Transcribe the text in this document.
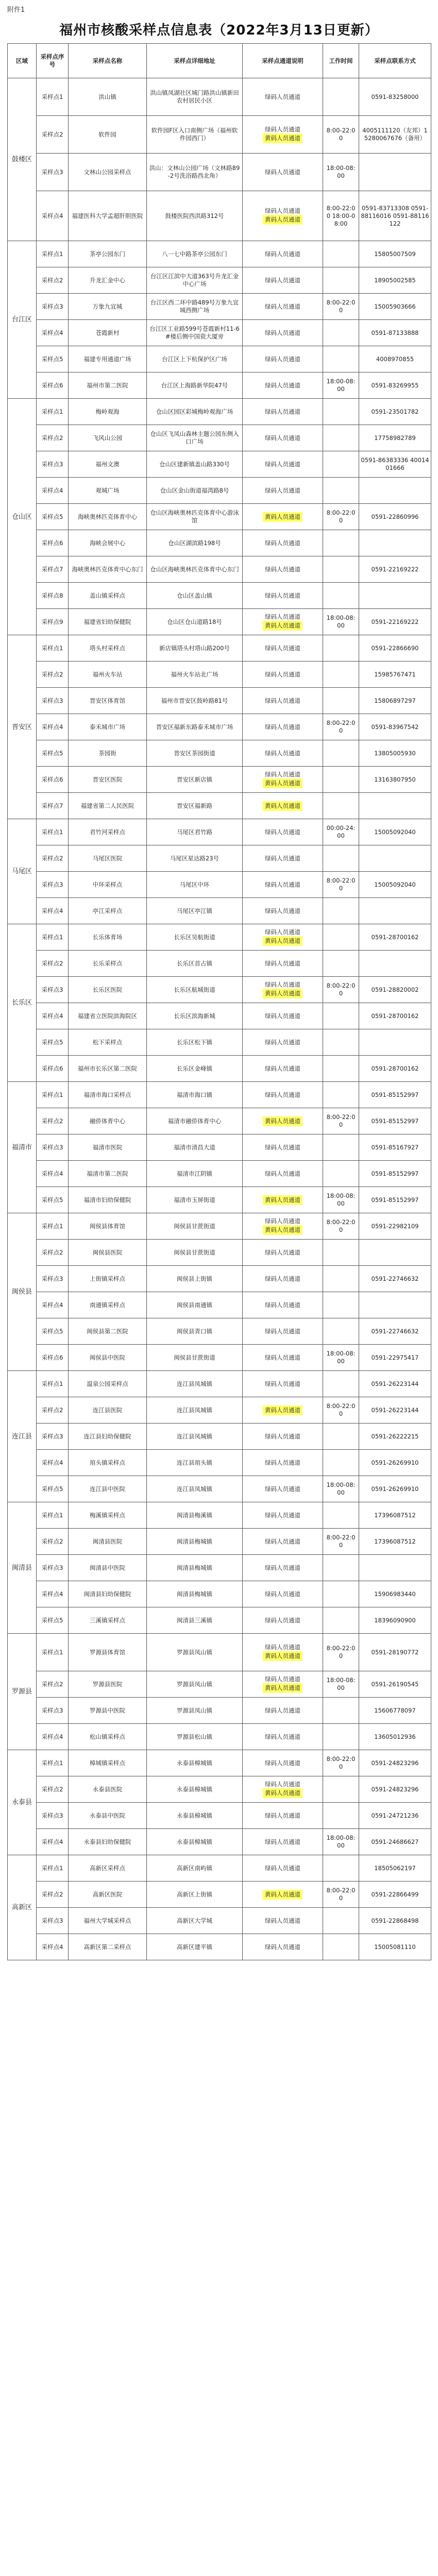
附件1
福州市核酸采样点信息表（2022年3月13日更新）
区域	采样点序号	采样点名称	采样点详细地址	采样点通道说明	工作时间	采样点联系方式
鼓楼区	采样点1	洪山镇	洪山镇凤湖社区城门路洪山镇新田农村居民小区	绿码人员通道		0591-83258000
	采样点2	软件园	软件园F区入口南侧广场（福州软件园西门）	绿码人员通道
黄码人员通道	8:00-22:00	4005111120（友邦）15280067676（备用）
	采样点3	文林山公园采样点	洪山：文林山公园广场（文林路89-2号洗浴路西北角）	绿码人员通道	18:00-08:00	
	采样点4	福建医科大学孟超肝胆医院	鼓楼医院西洪路312号	绿码人员通道
黄码人员通道	8:00-22:00 18:00-08:00	0591-83713308 0591-88116016 0591-88116122
台江区	采样点1	茶亭公园东门	八一七中路茶亭公园东门	绿码人员通道		15805007509
	采样点2	升龙汇金中心	台江区江滨中大道363号升龙汇金中心广场	绿码人员通道		18905002585
	采样点3	万象九宜城	台江区西二环中路489号万象九宜城西侧广场	绿码人员通道	8:00-22:00	15005903666
	采样点4	苍霞新村	台江区工业路599号苍霞新村11-6#楼后侧中国瓷大厦旁	绿码人员通道		0591-87133888
	采样点5	福建专用通道广场	台江区上下杭保护区广场	绿码人员通道		4008970855
	采样点6	福州市第二医院	台江区上海路新华院47号	绿码人员通道	18:00-08:00	0591-83269955
仓山区	采样点1	梅岭观海	仓山区园区彩城梅岭观海广场	绿码人员通道		0591-23501782
	采样点2	飞风山公园	仓山区飞凤山森林主题公园东侧入口广场	绿码人员通道		17758982789
	采样点3	福州文澳	仓山区建新镇盖山路330号	绿码人员通道		0591-86383336 4001401666
	采样点4	观城广场	仓山区金山街道福湾路8号	绿码人员通道		
	采样点5	海峡奥林匹克体育中心	仓山区海峡奥林匹克体育中心游泳馆	黄码人员通道	8:00-22:00	0591-22860996
	采样点6	海峡会展中心	仓山区湖滨路198号	绿码人员通道		
	采样点7	海峡奥林匹克体育中心东门	仓山区海峡奥林匹克体育中心东门	绿码人员通道		0591-22169222
	采样点8	盖山镇采样点	仓山区盖山镇	绿码人员通道		
	采样点9	福建省妇幼保健院	仓山区仓山道路18号	绿码人员通道
黄码人员通道	18:00-08:00	0591-22169222
晋安区	采样点1	塔头村采样点	新店镇塔头村塔山路200号	绿码人员通道		0591-22866690
	采样点2	福州火车站	福州火车站北广场	绿码人员通道		15985767471
	采样点3	晋安区体育馆	福州市晋安区鼓岭路81号	绿码人员通道		15806897297
	采样点4	泰禾城市广场	晋安区福新东路泰禾城市广场	绿码人员通道	8:00-22:00	0591-83967542
	采样点5	茶园街	晋安区茶园街道	绿码人员通道		13805005930
	采样点6	晋安区医院	晋安区新店镇	绿码人员通道
黄码人员通道		13163807950
	采样点7	福建省第二人民医院	晋安区福新路	黄码人员通道		
马尾区	采样点1	君竹河采样点	马尾区君竹路	绿码人员通道	00:00-24:00	15005092040
	采样点2	马尾区医院	马尾区星达路23号	绿码人员通道		
	采样点3	中环采样点	马尾区中环	绿码人员通道	8:00-22:00	15005092040
	采样点4	亭江采样点	马尾区亭江镇	绿码人员通道		
长乐区	采样点1	长乐体育场	长乐区吴航街道	绿码人员通道
黄码人员通道		0591-28700162
	采样点2	长乐采样点	长乐区首占镇	绿码人员通道		
	采样点3	长乐区医院	长乐区航城街道	绿码人员通道
黄码人员通道	8:00-22:00	0591-28820002
	采样点4	福建省立医院滨海院区	长乐区滨海新城	绿码人员通道		0591-28700162
	采样点5	松下采样点	长乐区松下镇	绿码人员通道		
	采样点6	福州市长乐区第二医院	长乐区金峰镇	绿码人员通道		0591-28700162
福清市	采样点1	福清市海口采样点	福清市海口镇	绿码人员通道		0591-85152997
	采样点2	融侨体育中心	福清市融侨体育中心	黄码人员通道	8:00-22:00	0591-85152997
	采样点3	福清市医院	福清市清昌大道	绿码人员通道		0591-85167927
	采样点4	福清市第二医院	福清市江阴镇	绿码人员通道		0591-85152997
	采样点5	福清市妇幼保健院	福清市玉屏街道	黄码人员通道	18:00-08:00	0591-85152997
闽侯县	采样点1	闽侯县体育馆	闽侯县甘蔗街道	绿码人员通道
黄码人员通道	8:00-22:00	0591-22982109
	采样点2	闽侯县医院	闽侯县甘蔗街道	绿码人员通道		
	采样点3	上街镇采样点	闽侯县上街镇	绿码人员通道		0591-22746632
	采样点4	南通镇采样点	闽侯县南通镇	绿码人员通道		
	采样点5	闽侯县第二医院	闽侯县青口镇	绿码人员通道		0591-22746632
	采样点6	闽侯县中医院	闽侯县甘蔗街道	绿码人员通道	18:00-08:00	0591-22975417
连江县	采样点1	温泉公园采样点	连江县凤城镇	绿码人员通道		0591-26223144
	采样点2	连江县医院	连江县凤城镇	黄码人员通道	8:00-22:00	0591-26223144
	采样点3	连江县妇幼保健院	连江县凤城镇	绿码人员通道		0591-26222215
	采样点4	琯头镇采样点	连江县琯头镇	绿码人员通道		0591-26269910
	采样点5	连江县中医院	连江县凤城镇	绿码人员通道	18:00-08:00	0591-26269910
闽清县	采样点1	梅溪镇采样点	闽清县梅溪镇	绿码人员通道		17396087512
	采样点2	闽清县医院	闽清县梅城镇	绿码人员通道	8:00-22:00	17396087512
	采样点3	闽清县中医院	闽清县梅城镇	绿码人员通道		
	采样点4	闽清县妇幼保健院	闽清县梅城镇	绿码人员通道		15906983440
	采样点5	三溪镇采样点	闽清县三溪镇	绿码人员通道		18396090900
罗源县	采样点1	罗源县体育馆	罗源县凤山镇	绿码人员通道
黄码人员通道	8:00-22:00	0591-28190772
	采样点2	罗源县医院	罗源县凤山镇	绿码人员通道
黄码人员通道	18:00-08:00	0591-26190545
	采样点3	罗源县中医院	罗源县凤山镇	绿码人员通道		15606778097
	采样点4	松山镇采样点	罗源县松山镇	绿码人员通道		13605012936
永泰县	采样点1	樟城镇采样点	永泰县樟城镇	绿码人员通道	8:00-22:00	0591-24823296
	采样点2	永泰县医院	永泰县樟城镇	绿码人员通道
黄码人员通道		0591-24823296
	采样点3	永泰县中医院	永泰县樟城镇	绿码人员通道		0591-24721236
	采样点4	永泰县妇幼保健院	永泰县樟城镇	绿码人员通道	18:00-08:00	0591-24686627
高新区	采样点1	高新区采样点	高新区南屿镇	绿码人员通道		18505062197
	采样点2	高新区医院	高新区上街镇	黄码人员通道	8:00-22:00	0591-22866499
	采样点3	福州大学城采样点	高新区大学城	绿码人员通道		0591-22868498
	采样点4	高新区第二采样点	高新区建平镇	绿码人员通道		15005081110
